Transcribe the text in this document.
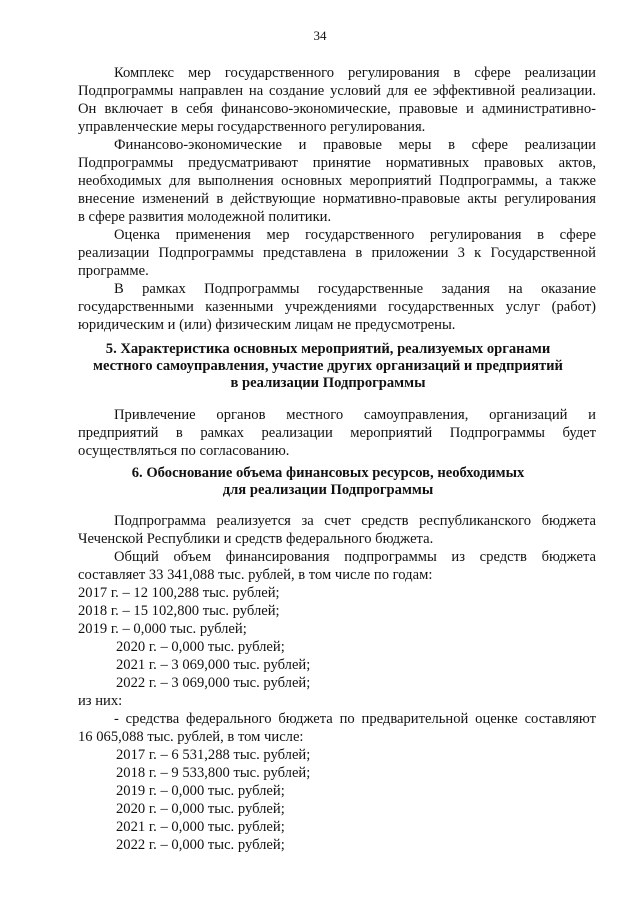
34
Комплекс мер государственного регулирования в сфере реализации
Подпрограммы направлен на создание условий для ее эффективной реализации.
Он включает в себя финансово-экономические, правовые и административно-
управленческие меры государственного регулирования.
Финансово-экономические и правовые меры в сфере реализации
Подпрограммы предусматривают принятие нормативных правовых актов,
необходимых для выполнения основных мероприятий Подпрограммы, а также
внесение изменений в действующие нормативно-правовые акты регулирования
в сфере развития молодежной политики.
Оценка применения мер государственного регулирования в сфере
реализации Подпрограммы представлена в приложении 3 к Государственной
программе.
В рамках Подпрограммы государственные задания на оказание
государственными казенными учреждениями государственных услуг (работ)
юридическим и (или) физическим лицам не предусмотрены.
5. Характеристика основных мероприятий, реализуемых органами
местного самоуправления, участие других организаций и предприятий
в реализации Подпрограммы
Привлечение органов местного самоуправления, организаций и
предприятий в рамках реализации мероприятий Подпрограммы будет
осуществляться по согласованию.
6. Обоснование объема финансовых ресурсов, необходимых
для реализации Подпрограммы
Подпрограмма реализуется за счет средств республиканского бюджета
Чеченской Республики и средств федерального бюджета.
Общий объем финансирования подпрограммы из средств бюджета
составляет 33 341,088 тыс. рублей, в том числе по годам:
2017 г. – 12 100,288 тыс. рублей;
2018 г. – 15 102,800 тыс. рублей;
2019 г. – 0,000 тыс. рублей;
2020 г. – 0,000 тыс. рублей;
2021 г. – 3 069,000 тыс. рублей;
2022 г. – 3 069,000 тыс. рублей;
из них:
- средства федерального бюджета по предварительной оценке составляют
16 065,088 тыс. рублей, в том числе:
2017 г. – 6 531,288 тыс. рублей;
2018 г. – 9 533,800 тыс. рублей;
2019 г. – 0,000 тыс. рублей;
2020 г. – 0,000 тыс. рублей;
2021 г. – 0,000 тыс. рублей;
2022 г. – 0,000 тыс. рублей;
